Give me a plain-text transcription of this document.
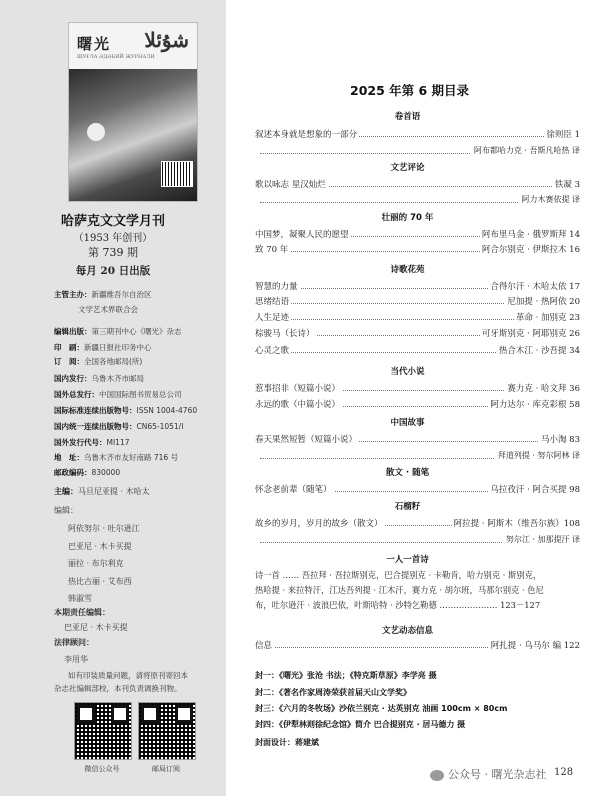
曙光 شۇئلا
ШУҒЛА ӘДӘБИЙ ЖУРНАЛИ
哈萨克文文学月刊
（1953 年创刊）
第 739 期
每月 20 日出版
主管主办：新疆维吾尔自治区
文学艺术界联合会
编辑出版：第三期刊中心《曙光》杂志
印　刷：新疆日报社印务中心
订　阅：全国各地邮局(所)
国内发行：乌鲁木齐市邮局
国外总发行：中国国际图书贸易总公司
国际标准连续出版物号：ISSN 1004-4760
国内统一连续出版物号：CN65-1051/I
国外发行代号：MI117
地　址：乌鲁木齐市友好南路 716 号
邮政编码：830000
主编：马旦尼亚提 · 木哈太
编辑：
阿依努尔 · 吐尔逊江
巴亚尼 · 木卡买提
丽拉 · 布尔利克
热比古丽 · 艾布西
韩淑雪
本期责任编辑：
巴亚尼 · 木卡买提
法律顾问：
李用华
如有印装质量问题，请将原刊寄回本
杂志社编辑部校，本刊负责调换刊物。
微信公众号	邮局订阅
2025 年第 6 期目录
卷首语
叙述本身就是想象的一部分	徐则臣 1
阿布都哈力克 · 吾斯凡哈热 译
文艺评论
歌以咏志 星汉灿烂	铁凝 3
阿力木赛依提 译
壮丽的 70 年
中国梦，凝聚人民的愿望	阿布里马金 · 俄罗斯拜 14
致 70 年	阿合尔别克 · 伊斯拉木 16
诗歌花苑
智慧的力量	合得尔汗 · 木哈太依 17
思绪结语	尼加提 · 热阿依 20
人生足迹	革命 · 加别克 23
棕骏马（长诗）	可牙斯别克 · 阿耶别克 26
心灵之歌	热合木江 · 沙吾提 34
当代小说
惹事招非（短篇小说）	赛力克 · 哈文拜 36
永远的歌（中篇小说）	阿力达尔 · 库克彩根 58
中国故事
春天果然短暂（短篇小说）	马小淘 83
拜道列提 · 努尔阿林 译
散文 · 随笔
怀念老前辈（随笔）	乌拉孜汗 · 阿合买提 98
石榴籽
故乡的岁月，岁月的故乡（散文）	阿拉提 · 阿斯木（维吾尔族）108
努尔江 · 加那提汗 译
一人一首诗
诗一首 …… 吾拉拜 · 吾拉斯别克，巴合提别克 · 卡勒肯，哈力别克 · 斯别克，
热哈提 · 来拉特汗，江达吾列提 · 江木汗，赛力克 · 胡尔班，马那尔别克 · 色尼
布，吐尔逊汗 · 波浪巴依，叶斯哈特 · 沙特乞勒德 ………………… 123－127
文艺动态信息
信息	阿扎提 · 乌马尔 编 122
封一：《曙光》张沧 书法；《特克斯草原》李学亮 摄
封二：《著名作家周涛荣获首届天山文学奖》
封三：《六月的冬牧场》沙依兰别克 · 达英别克 油画 100cm × 80cm
封四：《伊犁林则徐纪念馆》简介 巴合提别克 · 居马德力 摄
封面设计：蒋建斌
公众号 · 曙光杂志社 128
